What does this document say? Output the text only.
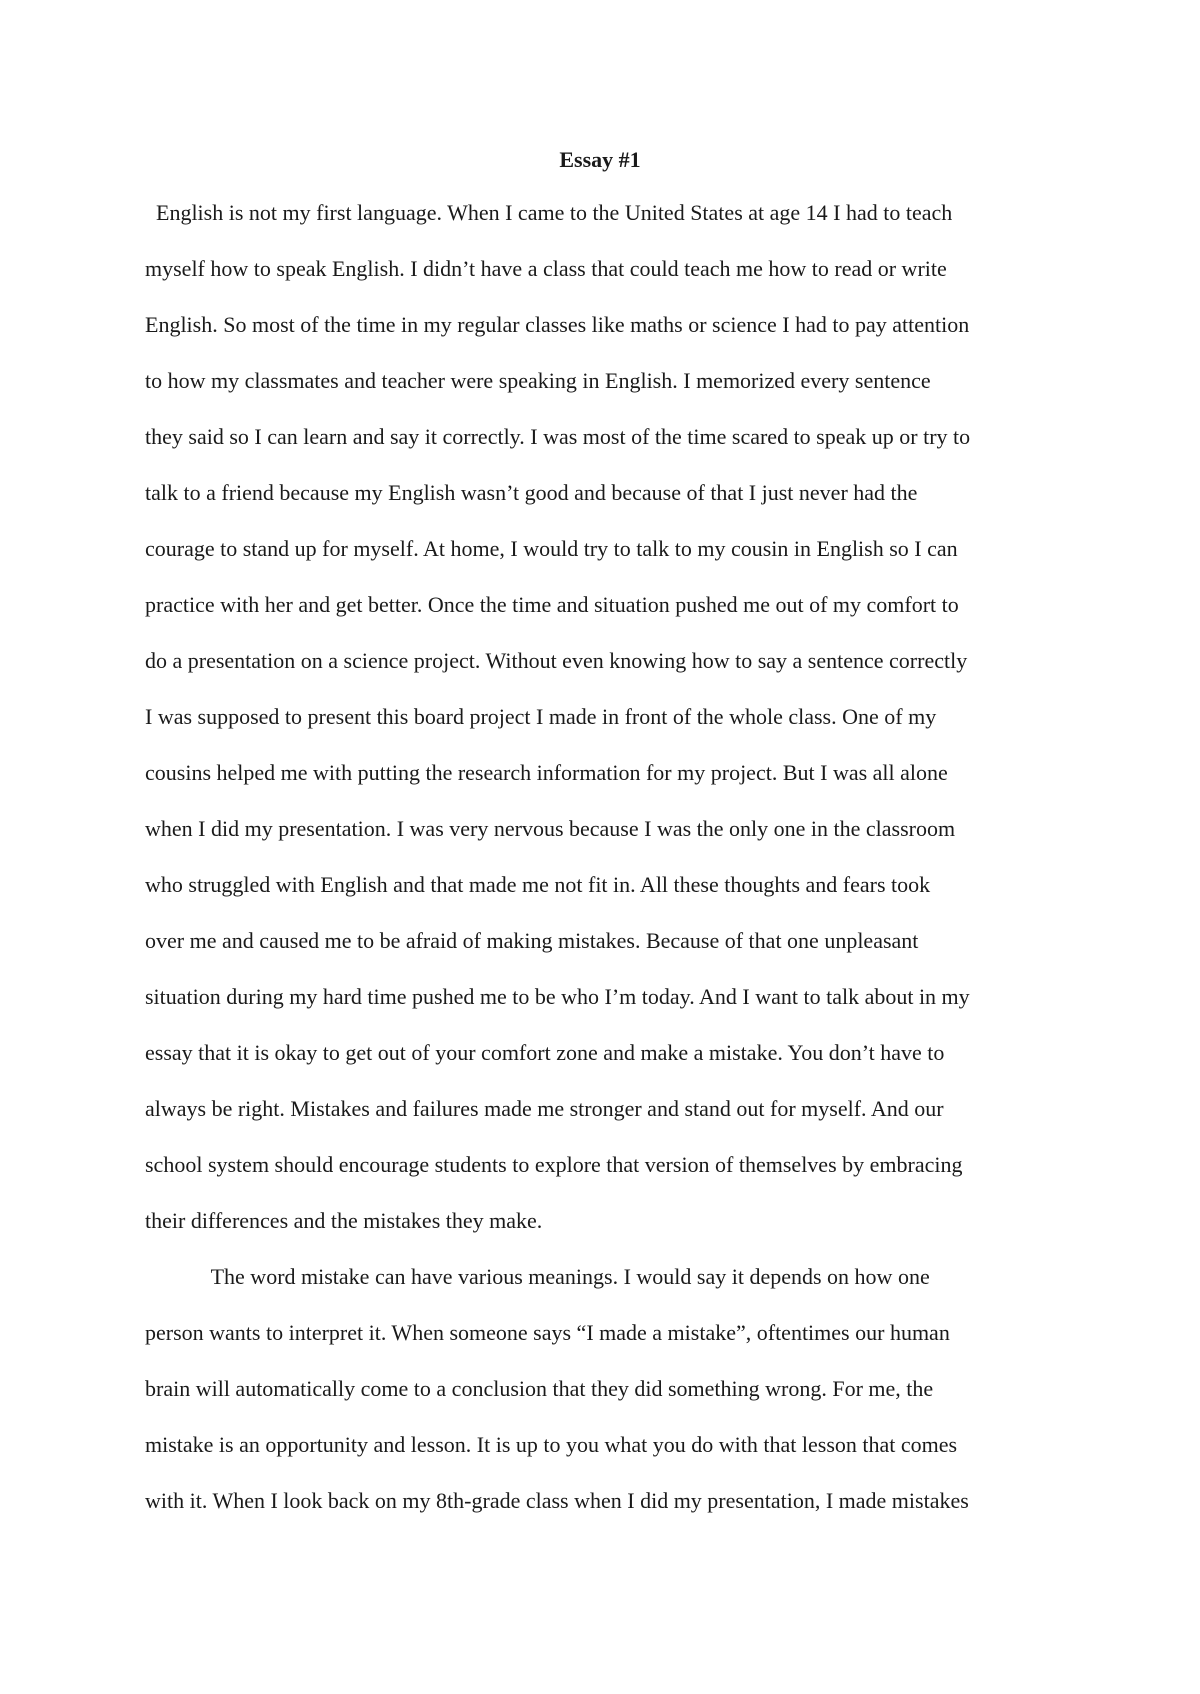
Essay #1
English is not my first language. When I came to the United States at age 14 I had to teach
myself how to speak English. I didn’t have a class that could teach me how to read or write
English. So most of the time in my regular classes like maths or science I had to pay attention
to how my classmates and teacher were speaking in English. I memorized every sentence
they said so I can learn and say it correctly. I was most of the time scared to speak up or try to
talk to a friend because my English wasn’t good and because of that I just never had the
courage to stand up for myself. At home, I would try to talk to my cousin in English so I can
practice with her and get better. Once the time and situation pushed me out of my comfort to
do a presentation on a science project. Without even knowing how to say a sentence correctly
I was supposed to present this board project I made in front of the whole class. One of my
cousins helped me with putting the research information for my project. But I was all alone
when I did my presentation. I was very nervous because I was the only one in the classroom
who struggled with English and that made me not fit in. All these thoughts and fears took
over me and caused me to be afraid of making mistakes. Because of that one unpleasant
situation during my hard time pushed me to be who I’m today. And I want to talk about in my
essay that it is okay to get out of your comfort zone and make a mistake. You don’t have to
always be right. Mistakes and failures made me stronger and stand out for myself. And our
school system should encourage students to explore that version of themselves by embracing
their differences and the mistakes they make.
The word mistake can have various meanings. I would say it depends on how one
person wants to interpret it. When someone says “I made a mistake”, oftentimes our human
brain will automatically come to a conclusion that they did something wrong. For me, the
mistake is an opportunity and lesson. It is up to you what you do with that lesson that comes
with it. When I look back on my 8th-grade class when I did my presentation, I made mistakes
